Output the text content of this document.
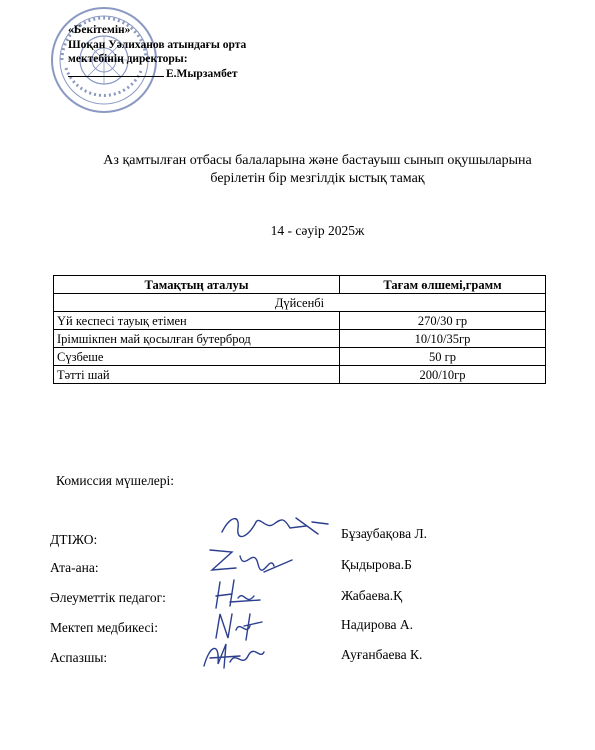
«Бекітемін»
Шоқан Уәлиханов атындағы орта
мектебінің директоры:
Е.Мырзамбет
Аз қамтылған отбасы балаларына және бастауыш сынып оқушыларына
берілетін бір мезгілдік ыстық тамақ
14 - сәуір 2025ж
Тамақтың аталуы	Тағам өлшемі,грамм
Дүйсенбі	
Үй кеспесі тауық етімен	270/30 гр
Ірімшікпен май қосылған бутерброд	10/10/35гр
Сүзбеше	50 гр
Тәтті шай	200/10гр
Комиссия мүшелері:
ДТІЖО:	Бұзаубақова Л.
Ата-ана:	Қыдырова.Б
Әлеуметтік педагог:	Жабаева.Қ
Мектеп медбикесі:	Надирова А.
Аспазшы:	Ауғанбаева К.
